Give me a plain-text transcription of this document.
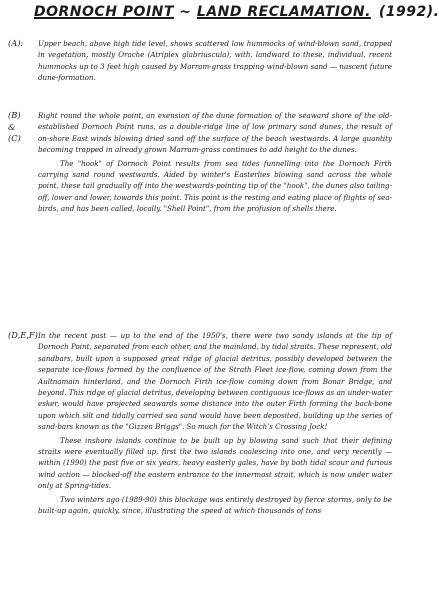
DORNOCH POINT ~ LAND RECLAMATION. (1992).
(A): Upper beach, above high tide level, shows scattered low hummocks of wind-blown sand, trapped in vegetation, mostly Orache (Atriplex glabriuscula), with, landward to these, individual, recent hummocks up to 3 feet high caused by Marram-grass trapping wind-blown sand — nascent future dune-formation.

(B)
&
(C)

Right round the whole point, an exension of the dune formation of the seaward shore of the old-established Dornoch Point runs, as a double-ridge line of low primary sand dunes, the result of on-shore East winds blowing dried sand off the surface of the beach westwards. A large quantity becoming trapped in already grown Marram-grass continues to add height to the dunes.

The "hook" of Dornoch Point results from sea tides funnelling into the Dornoch Firth carrying sand round westwards. Aided by winter's Easterlies blowing sand across the whole point, these tail gradually off into the westwards-pointing tip of the "hook", the dunes also tailing-off, lower and lower, towards this point. This point is the resting and eating place of flights of sea-birds, and has been called, locally, "Shell Point", from the profusion of shells there.

(D,E,F) In the recent past — up to the end of the 1950's, there were two sandy islands at the tip of Dornoch Point, separated from each other, and the mainland, by tidal straits. These represent, old sandbars, built upon a supposed great ridge of glacial detritus, possibly developed between the separate ice-flows formed by the confluence of the Strath Fleet ice-flow, coming down from the Aultnamain hinterland, and the Dornoch Firth ice-flow coming down from Bonar Bridge, and beyond. This ridge of glacial detritus, developing between contiguous ice-flows as an under-water esker, would have projected seawards some distance into the outer Firth forming the back-bone upon which silt and tidally carried sea sand would have been deposited, building up the series of sand-bars known as the "Gizzen Briggs". So much for the Witch's Crossing Jock!

These inshore islands continue to be built up by blowing sand such that their defining straits were eventually filled up, first the two islands coalescing into one, and very recently — within (1990) the past five or six years, heavy easterly gales, have by both tidal scour and furious wind action — blocked-off the eastern entrance to the innermost strait, which is now under water only at Spring-tides.

Two winters ago (1989-90) this blockage was entirely destroyed by fierce storms, only to be built-up again, quickly, since, illustrating the speed at which thousands of tons
